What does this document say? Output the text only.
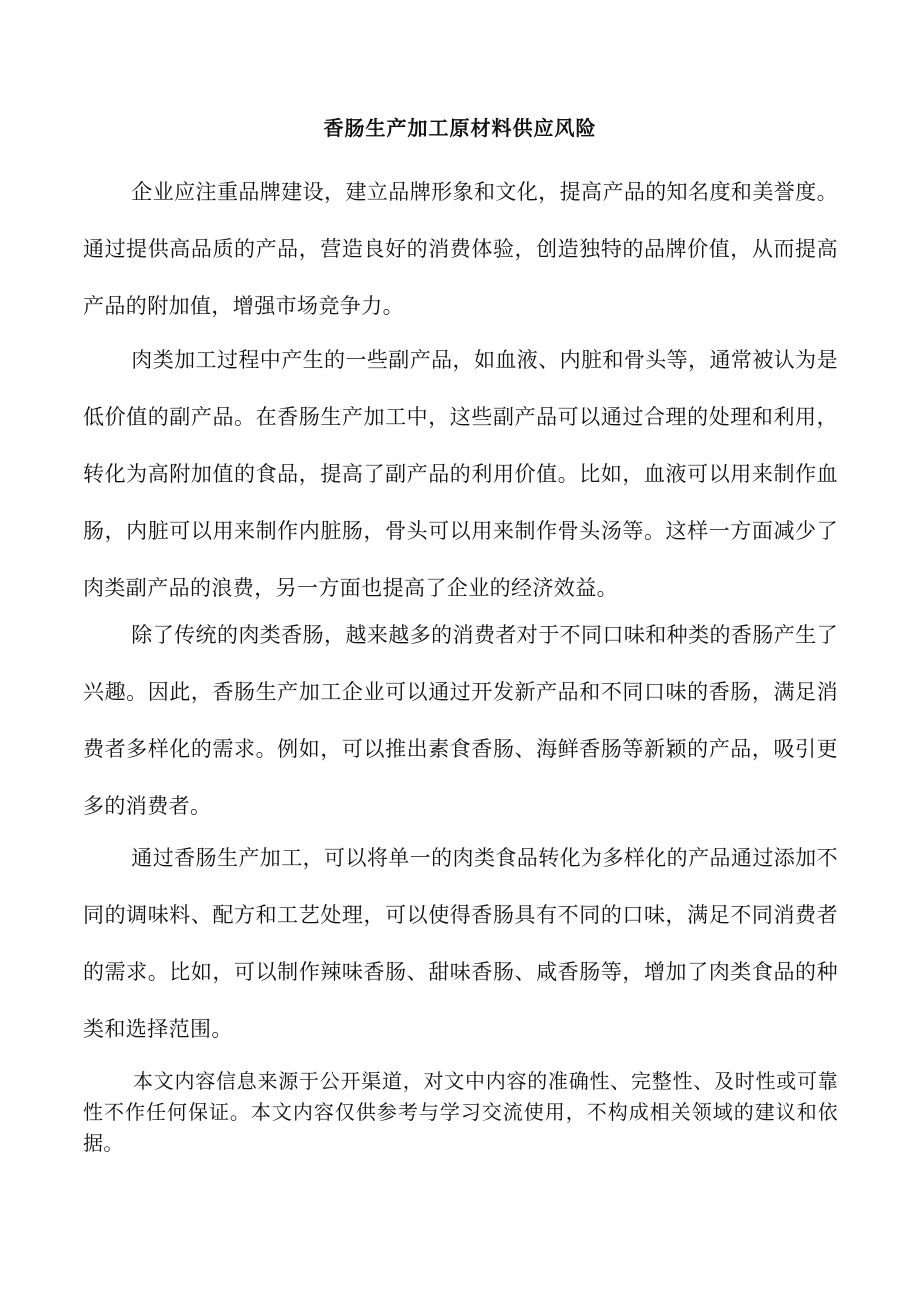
香肠生产加工原材料供应风险

企业应注重品牌建设，建立品牌形象和文化，提高产品的知名度和美誉度。通过提供高品质的产品，营造良好的消费体验，创造独特的品牌价值，从而提高产品的附加值，增强市场竞争力。

肉类加工过程中产生的一些副产品，如血液、内脏和骨头等，通常被认为是低价值的副产品。在香肠生产加工中，这些副产品可以通过合理的处理和利用，转化为高附加值的食品，提高了副产品的利用价值。比如，血液可以用来制作血肠，内脏可以用来制作内脏肠，骨头可以用来制作骨头汤等。这样一方面减少了肉类副产品的浪费，另一方面也提高了企业的经济效益。

除了传统的肉类香肠，越来越多的消费者对于不同口味和种类的香肠产生了兴趣。因此，香肠生产加工企业可以通过开发新产品和不同口味的香肠，满足消费者多样化的需求。例如，可以推出素食香肠、海鲜香肠等新颖的产品，吸引更多的消费者。

通过香肠生产加工，可以将单一的肉类食品转化为多样化的产品通过添加不同的调味料、配方和工艺处理，可以使得香肠具有不同的口味，满足不同消费者的需求。比如，可以制作辣味香肠、甜味香肠、咸香肠等，增加了肉类食品的种类和选择范围。

本文内容信息来源于公开渠道，对文中内容的准确性、完整性、及时性或可靠性不作任何保证。本文内容仅供参考与学习交流使用，不构成相关领域的建议和依据。
